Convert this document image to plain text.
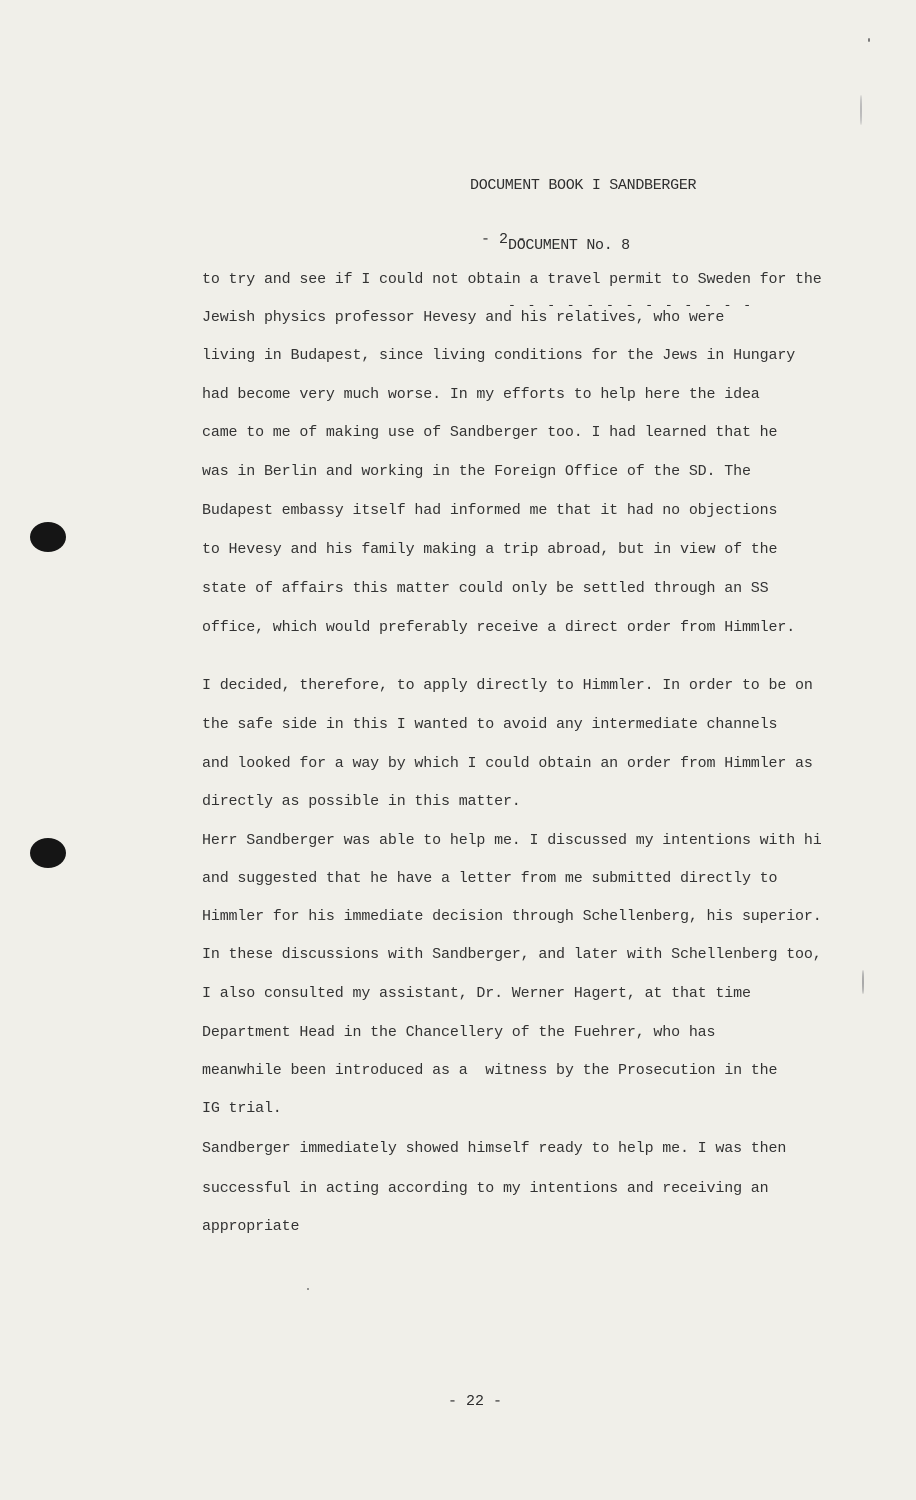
DOCUMENT BOOK I SANDBERGER

DOCUMENT No. 8

- - - - - - - - - - - - -

- 2 -
to try and see if I could not obtain a travel permit to Sweden for the
Jewish physics professor Hevesy and his relatives, who were
living in Budapest, since living conditions for the Jews in Hungary
had become very much worse. In my efforts to help here the idea
came to me of making use of Sandberger too. I had learned that he
was in Berlin and working in the Foreign Office of the SD. The
Budapest embassy itself had informed me that it had no objections
to Hevesy and his family making a trip abroad, but in view of the
state of affairs this matter could only be settled through an SS
office, which would preferably receive a direct order from Himmler.
I decided, therefore, to apply directly to Himmler. In order to be on
the safe side in this I wanted to avoid any intermediate channels
and looked for a way by which I could obtain an order from Himmler as
directly as possible in this matter.
Herr Sandberger was able to help me. I discussed my intentions with hi
and suggested that he have a letter from me submitted directly to
Himmler for his immediate decision through Schellenberg, his superior.
In these discussions with Sandberger, and later with Schellenberg too,
I also consulted my assistant, Dr. Werner Hagert, at that time
Department Head in the Chancellery of the Fuehrer, who has
meanwhile been introduced as a  witness by the Prosecution in the
IG trial.
Sandberger immediately showed himself ready to help me. I was then
successful in acting according to my intentions and receiving an
appropriate
- 22 -
